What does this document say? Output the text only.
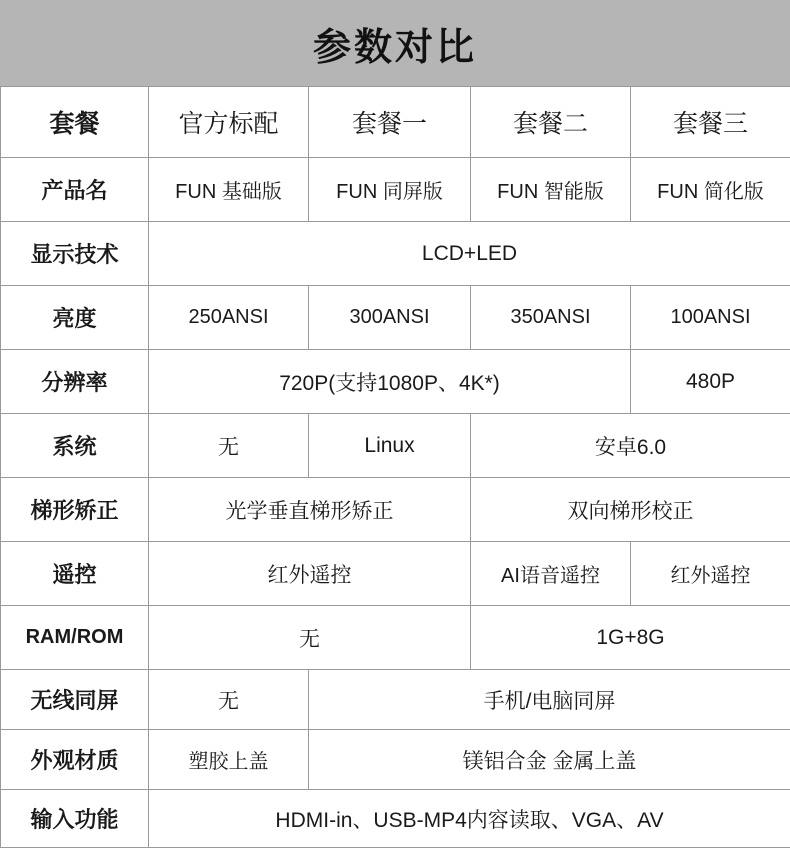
参数对比
套餐	官方标配	套餐一	套餐二	套餐三
产品名	FUN 基础版	FUN 同屏版	FUN 智能版	FUN 简化版
显示技术	LCD+LED			
亮度	250ANSI	300ANSI	350ANSI	100ANSI
分辨率	720P(支持1080P、4K*)			480P
系统	无	Linux	安卓6.0	
梯形矫正	光学垂直梯形矫正		双向梯形校正	
遥控	红外遥控		AI语音遥控	红外遥控
RAM/ROM	无		1G+8G	
无线同屏	无	手机/电脑同屏		
外观材质	塑胶上盖	镁铝合金 金属上盖		
输入功能	HDMI-in、USB-MP4内容读取、VGA、AV			
